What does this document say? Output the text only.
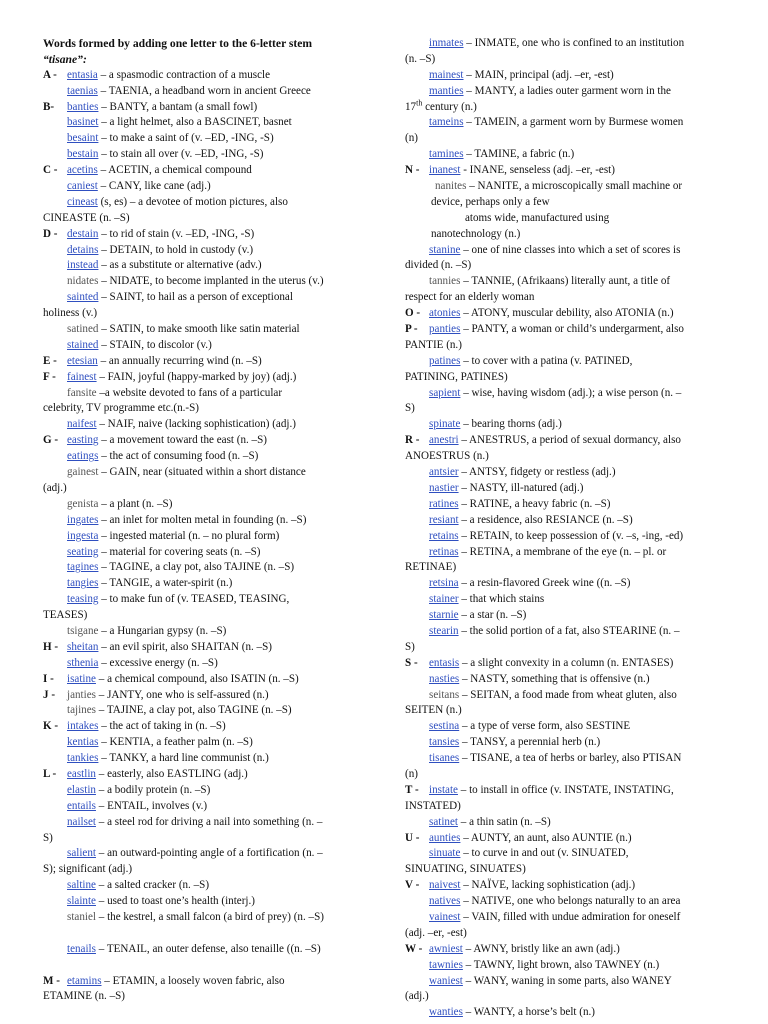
Words formed by adding one letter to the 6-letter stem
“tisane”:
A - entasia – a spasmodic contraction of a muscle
taenias – TAENIA, a headband worn in ancient Greece
B- banties – BANTY, a bantam (a small fowl)
basinet – a light helmet, also a BASCINET, basnet
besaint – to make a saint of (v. –ED, -ING, -S)
bestain – to stain all over (v. –ED, -ING, -S)
C - acetins – ACETIN, a chemical compound
caniest – CANY, like cane (adj.)
cineast (s, es) – a devotee of motion pictures, also
CINEASTE (n. –S)
D - destain – to rid of stain (v. –ED, -ING, -S)
detains – DETAIN, to hold in custody (v.)
instead – as a substitute or alternative (adv.)
nidates – NIDATE, to become implanted in the uterus (v.)
sainted – SAINT, to hail as a person of exceptional
holiness (v.)
satined – SATIN, to make smooth like satin material
stained – STAIN, to discolor (v.)
E - etesian – an annually recurring wind (n. –S)
F - fainest – FAIN, joyful (happy-marked by joy) (adj.)
fansite –a website devoted to fans of a particular
celebrity, TV programme etc.(n.-S)
naifest – NAIF, naive (lacking sophistication) (adj.)
G - easting – a movement toward the east (n. –S)
eatings – the act of consuming food (n. –S)
gainest – GAIN, near (situated within a short distance
(adj.)
genista – a plant (n. –S)
ingates – an inlet for molten metal in founding (n. –S)
ingesta – ingested material (n. – no plural form)
seating – material for covering seats (n. –S)
tagines – TAGINE, a clay pot, also TAJINE (n. –S)
tangies – TANGIE, a water-spirit (n.)
teasing – to make fun of (v. TEASED, TEASING,
TEASES)
tsigane – a Hungarian gypsy (n. –S)
H - sheitan – an evil spirit, also SHAITAN (n. –S)
sthenia – excessive energy (n. –S)
I - isatine – a chemical compound, also ISATIN (n. –S)
J - janties – JANTY, one who is self-assured (n.)
tajines – TAJINE, a clay pot, also TAGINE (n. –S)
K - intakes – the act of taking in (n. –S)
kentias – KENTIA, a feather palm (n. –S)
tankies – TANKY, a hard line communist (n.)
L - eastlin – easterly, also EASTLING (adj.)
elastin – a bodily protein (n. –S)
entails – ENTAIL, involves (v.)
nailset – a steel rod for driving a nail into something (n. –
S)
salient – an outward-pointing angle of a fortification (n. –
S); significant (adj.)
saltine – a salted cracker (n. –S)
slainte – used to toast one’s health (interj.)
staniel – the kestrel, a small falcon (a bird of prey) (n. –S)
tenails – TENAIL, an outer defense, also tenaille ((n. –S)
M - etamins – ETAMIN, a loosely woven fabric, also
ETAMINE (n. –S)
inmates – INMATE, one who is confined to an institution
(n. –S)
mainest – MAIN, principal (adj. –er, -est)
manties – MANTY, a ladies outer garment worn in the
17th century (n.)
tameins – TAMEIN, a garment worn by Burmese women
(n)
tamines – TAMINE, a fabric (n.)
N - inanest - INANE, senseless (adj. –er, -est)
nanites – NANITE, a microscopically small machine or
device, perhaps only a few
atoms wide, manufactured using
nanotechnology (n.)
stanine – one of nine classes into which a set of scores is
divided (n. –S)
tannies – TANNIE, (Afrikaans) literally aunt, a title of
respect for an elderly woman
O - atonies – ATONY, muscular debility, also ATONIA (n.)
P - panties – PANTY, a woman or child’s undergarment, also
PANTIE (n.)
patines – to cover with a patina (v. PATINED,
PATINING, PATINES)
sapient – wise, having wisdom (adj.); a wise person (n. –
S)
spinate – bearing thorns (adj.)
R - anestri – ANESTRUS, a period of sexual dormancy, also
ANOESTRUS (n.)
antsier – ANTSY, fidgety or restless (adj.)
nastier – NASTY, ill-natured (adj.)
ratines – RATINE, a heavy fabric (n. –S)
resiant – a residence, also RESIANCE (n. –S)
retains – RETAIN, to keep possession of (v. –s, -ing, -ed)
retinas – RETINA, a membrane of the eye (n. – pl. or
RETINAE)
retsina – a resin-flavored Greek wine ((n. –S)
stainer – that which stains
starnie – a star (n. –S)
stearin – the solid portion of a fat, also STEARINE (n. –
S)
S - entasis – a slight convexity in a column (n. ENTASES)
nasties – NASTY, something that is offensive (n.)
seitans – SEITAN, a food made from wheat gluten, also
SEITEN (n.)
sestina – a type of verse form, also SESTINE
tansies – TANSY, a perennial herb (n.)
tisanes – TISANE, a tea of herbs or barley, also PTISAN
(n)
T - instate – to install in office (v. INSTATE, INSTATING,
INSTATED)
satinet – a thin satin (n. –S)
U - aunties – AUNTY, an aunt, also AUNTIE (n.)
sinuate – to curve in and out (v. SINUATED,
SINUATING, SINUATES)
V - naivest – NAÏVE, lacking sophistication (adj.)
natives – NATIVE, one who belongs naturally to an area
vainest – VAIN, filled with undue admiration for oneself
(adj. –er, -est)
W - awniest – AWNY, bristly like an awn (adj.)
tawnies – TAWNY, light brown, also TAWNEY (n.)
waniest – WANY, waning in some parts, also WANEY
(adj.)
wanties – WANTY, a horse’s belt (n.)
